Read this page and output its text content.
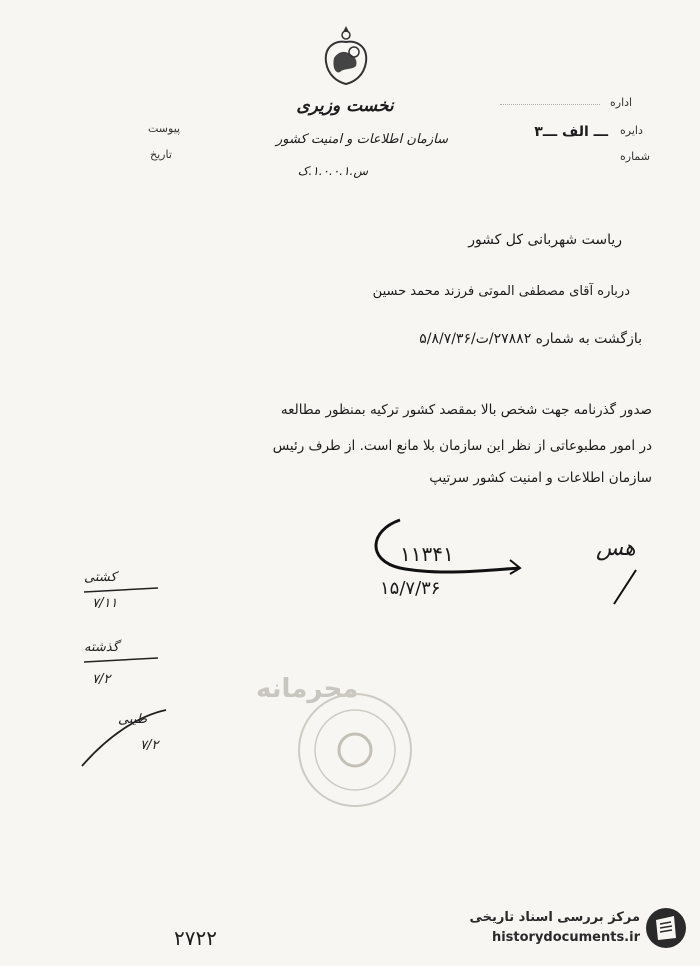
نخست وزیری
سازمان اطلاعات و امنیت کشور
س.۱.۰.۰.۱.ک
اداره
دایره
ـــ الف ـــ۳
شماره
پیوست
تاریخ
ریاست شهربانی کل کشور
درباره آقای مصطفی الموتی فرزند محمد حسین
بازگشت به شماره ۲۷۸۸۲/ت/۵/۸/۷/۳۶
صدور گذرنامه جهت شخص بالا بمقصد کشور ترکیه بمنظور مطالعه
در امور مطبوعاتی از نظر این سازمان بلا مانع است. از طرف رئیس
سازمان اطلاعات و امنیت کشور سرتیپ
۱۱۳۴۱
۱۵/۷/۳۶
هس
کشتی
۷/۱۱
گذشته
۷/۲
طیبی
۷/۲
محرمانه
۲۷۲۲
مرکز بررسی اسناد تاریخی
historydocuments.ir
